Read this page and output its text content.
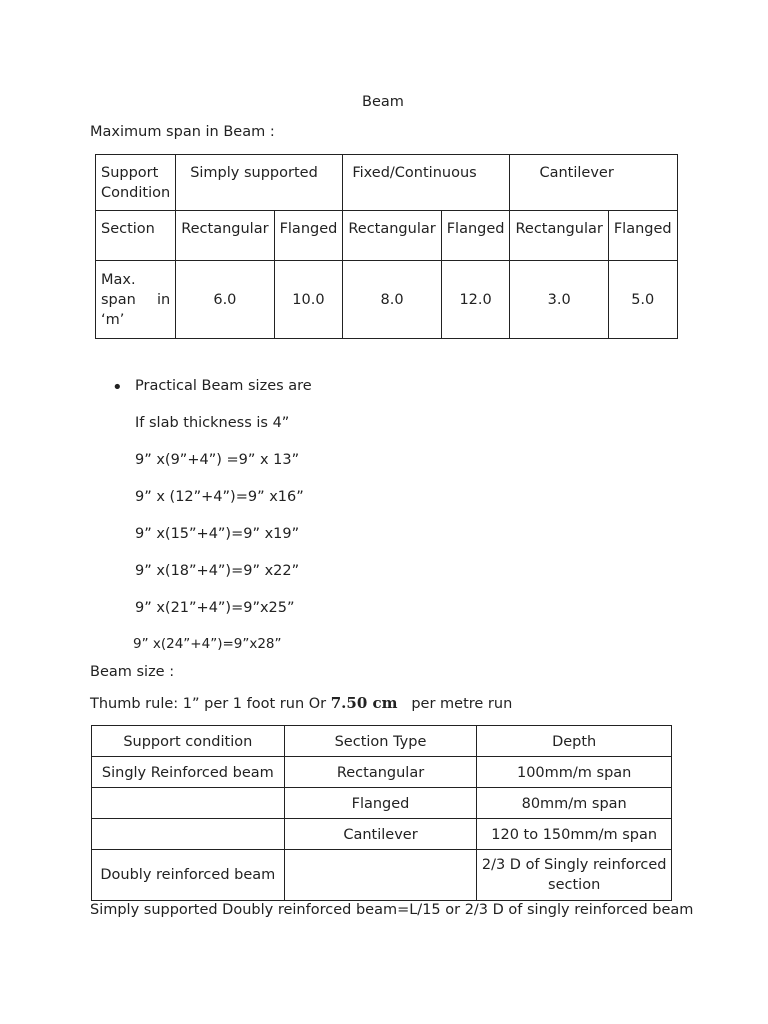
Beam
Maximum span in Beam :
Support
Condition	Simply supported		Fixed/Continuous		Cantilever	
Section	Rectangular	Flanged	Rectangular	Flanged	Rectangular	Flanged

Max.
span in
‘m’	6.0	10.0	8.0	12.0	3.0	5.0
• Practical Beam sizes are
If slab thickness is 4”
9” x(9”+4”) =9” x 13”
9” x (12”+4”)=9” x16”
9” x(15”+4”)=9” x19”
9” x(18”+4”)=9” x22”
9” x(21”+4”)=9”x25”
9” x(24”+4”)=9”x28”
Beam size :
Thumb rule: 1” per 1 foot run Or 7.50 cm per metre run
Support condition	Section Type	Depth
Singly Reinforced beam	Rectangular	100mm/m span
	Flanged	80mm/m span
	Cantilever	120 to 150mm/m span
Doubly reinforced beam		2/3 D of Singly reinforced section
Simply supported Doubly reinforced beam=L/15 or 2/3 D of singly reinforced beam
